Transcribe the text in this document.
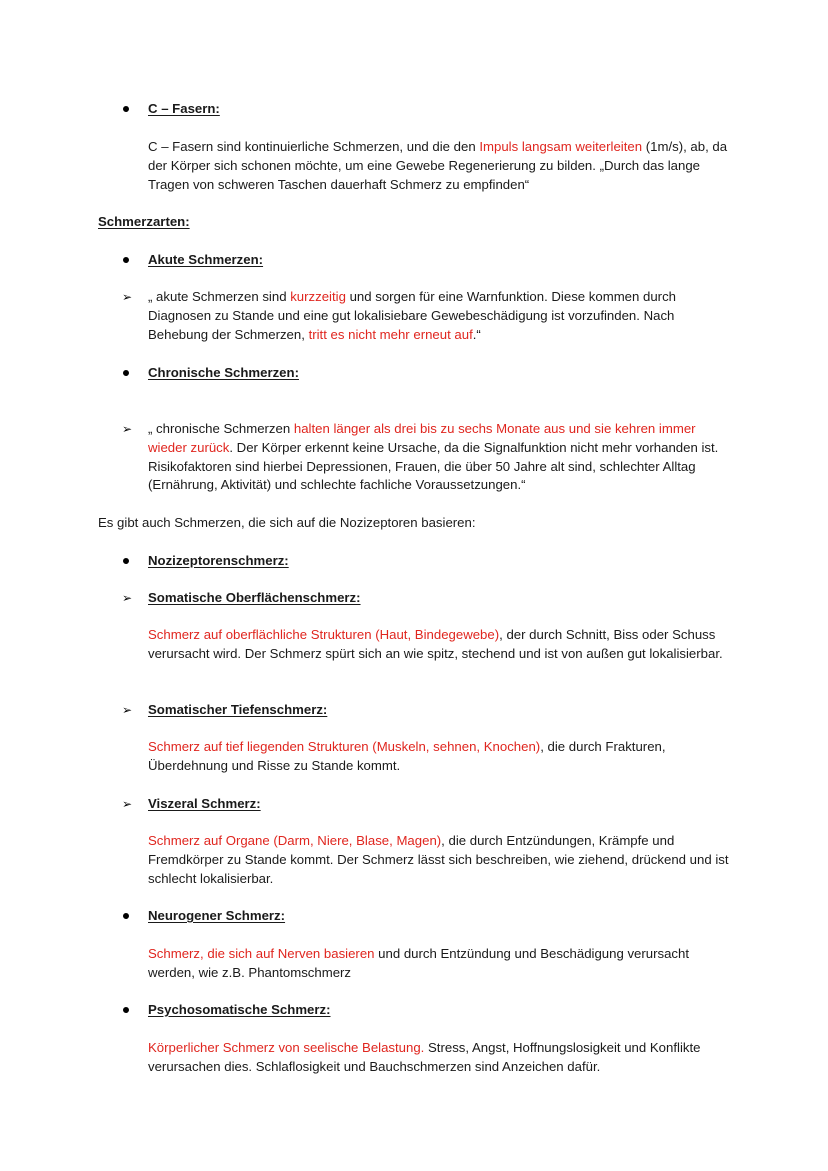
C – Fasern:

C – Fasern sind kontinuierliche Schmerzen, und die den Impuls langsam weiterleiten (1m/s), ab, da der Körper sich schonen möchte, um eine Gewebe Regenerierung zu bilden. „Durch das lange Tragen von schweren Taschen dauerhaft Schmerz zu empfinden“

Schmerzarten:
Akute Schmerzen:
➢ „ akute Schmerzen sind kurzzeitig und sorgen für eine Warnfunktion. Diese kommen durch Diagnosen zu Stande und eine gut lokalisiebare Gewebeschädigung ist vorzufinden. Nach Behebung der Schmerzen, tritt es nicht mehr erneut auf.“

Chronische Schmerzen:
➢ „ chronische Schmerzen halten länger als drei bis zu sechs Monate aus und sie kehren immer wieder zurück. Der Körper erkennt keine Ursache, da die Signalfunktion nicht mehr vorhanden ist. Risikofaktoren sind hierbei Depressionen, Frauen, die über 50 Jahre alt sind, schlechter Alltag (Ernährung, Aktivität) und schlechte fachliche Voraussetzungen.“

Es gibt auch Schmerzen, die sich auf die Nozizeptoren basieren:
Nozizeptorenschmerz:
➢ Somatische Oberflächenschmerz:

Schmerz auf oberflächliche Strukturen (Haut, Bindegewebe), der durch Schnitt, Biss oder Schuss verursacht wird. Der Schmerz spürt sich an wie spitz, stechend und ist von außen gut lokalisierbar.

➢ Somatischer Tiefenschmerz:

Schmerz auf tief liegenden Strukturen (Muskeln, sehnen, Knochen), die durch Frakturen, Überdehnung und Risse zu Stande kommt.

➢ Viszeral Schmerz:

Schmerz auf Organe (Darm, Niere, Blase, Magen), die durch Entzündungen, Krämpfe und Fremdkörper zu Stande kommt. Der Schmerz lässt sich beschreiben, wie ziehend, drückend und ist schlecht lokalisierbar.

Neurogener Schmerz:

Schmerz, die sich auf Nerven basieren und durch Entzündung und Beschädigung verursacht werden, wie z.B. Phantomschmerz

Psychosomatische Schmerz:

Körperlicher Schmerz von seelische Belastung. Stress, Angst, Hoffnungslosigkeit und Konflikte verursachen dies. Schlaflosigkeit und Bauchschmerzen sind Anzeichen dafür.
